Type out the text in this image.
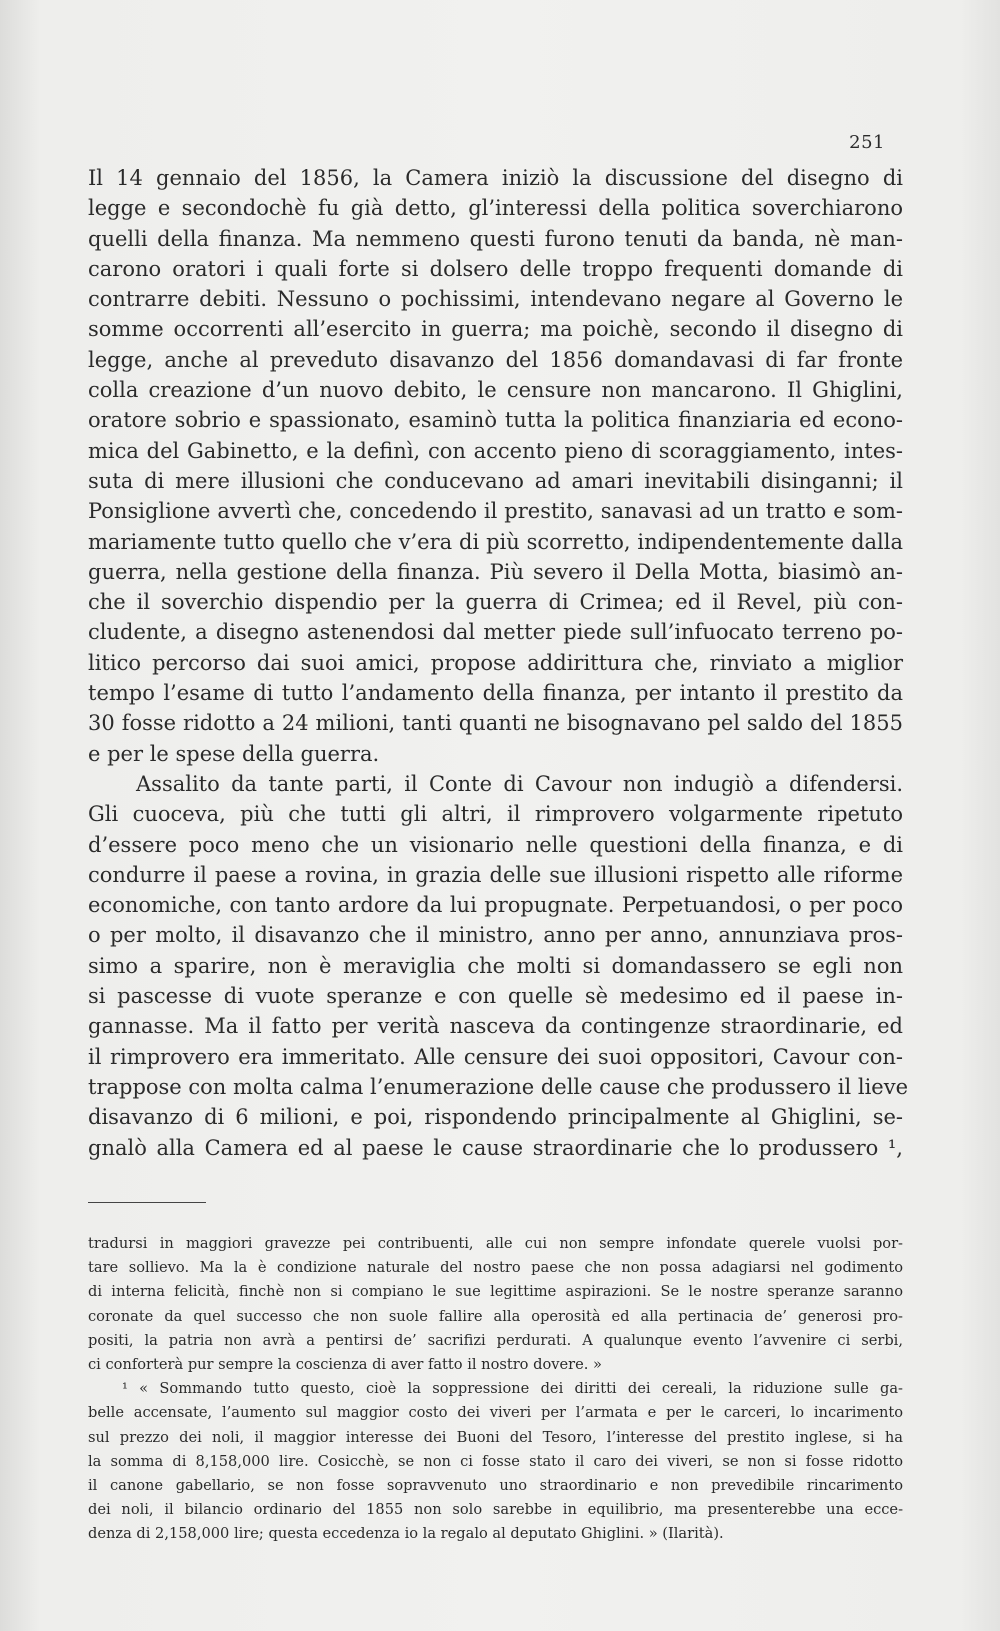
251
Il 14 gennaio del 1856, la Camera iniziò la discussione del disegno di
legge e secondochè fu già detto, gl’interessi della politica soverchiarono
quelli della finanza. Ma nemmeno questi furono tenuti da banda, nè man-
carono oratori i quali forte si dolsero delle troppo frequenti domande di
contrarre debiti. Nessuno o pochissimi, intendevano negare al Governo le
somme occorrenti all’esercito in guerra; ma poichè, secondo il disegno di
legge, anche al preveduto disavanzo del 1856 domandavasi di far fronte
colla creazione d’un nuovo debito, le censure non mancarono. Il Ghiglini,
oratore sobrio e spassionato, esaminò tutta la politica finanziaria ed econo-
mica del Gabinetto, e la definì, con accento pieno di scoraggiamento, intes-
suta di mere illusioni che conducevano ad amari inevitabili disinganni; il
Ponsiglione avvertì che, concedendo il prestito, sanavasi ad un tratto e som-
mariamente tutto quello che v’era di più scorretto, indipendentemente dalla
guerra, nella gestione della finanza. Più severo il Della Motta, biasimò an-
che il soverchio dispendio per la guerra di Crimea; ed il Revel, più con-
cludente, a disegno astenendosi dal metter piede sull’infuocato terreno po-
litico percorso dai suoi amici, propose addirittura che, rinviato a miglior
tempo l’esame di tutto l’andamento della finanza, per intanto il prestito da
30 fosse ridotto a 24 milioni, tanti quanti ne bisognavano pel saldo del 1855
e per le spese della guerra.
Assalito da tante parti, il Conte di Cavour non indugiò a difendersi.
Gli cuoceva, più che tutti gli altri, il rimprovero volgarmente ripetuto
d’essere poco meno che un visionario nelle questioni della finanza, e di
condurre il paese a rovina, in grazia delle sue illusioni rispetto alle riforme
economiche, con tanto ardore da lui propugnate. Perpetuandosi, o per poco
o per molto, il disavanzo che il ministro, anno per anno, annunziava pros-
simo a sparire, non è meraviglia che molti si domandassero se egli non
si pascesse di vuote speranze e con quelle sè medesimo ed il paese in-
gannasse. Ma il fatto per verità nasceva da contingenze straordinarie, ed
il rimprovero era immeritato. Alle censure dei suoi oppositori, Cavour con-
trappose con molta calma l’enumerazione delle cause che produssero il lieve
disavanzo di 6 milioni, e poi, rispondendo principalmente al Ghiglini, se-
gnalò alla Camera ed al paese le cause straordinarie che lo produssero ¹,
tradursi in maggiori gravezze pei contribuenti, alle cui non sempre infondate querele vuolsi por-
tare sollievo. Ma la è condizione naturale del nostro paese che non possa adagiarsi nel godimento
di interna felicità, finchè non si compiano le sue legittime aspirazioni. Se le nostre speranze saranno
coronate da quel successo che non suole fallire alla operosità ed alla pertinacia de’ generosi pro-
positi, la patria non avrà a pentirsi de’ sacrifizi perdurati. A qualunque evento l’avvenire ci serbi,
ci conforterà pur sempre la coscienza di aver fatto il nostro dovere. »
¹ « Sommando tutto questo, cioè la soppressione dei diritti dei cereali, la riduzione sulle ga-
belle accensate, l’aumento sul maggior costo dei viveri per l’armata e per le carceri, lo incarimento
sul prezzo dei noli, il maggior interesse dei Buoni del Tesoro, l’interesse del prestito inglese, si ha
la somma di 8,158,000 lire. Cosicchè, se non ci fosse stato il caro dei viveri, se non si fosse ridotto
il canone gabellario, se non fosse sopravvenuto uno straordinario e non prevedibile rincarimento
dei noli, il bilancio ordinario del 1855 non solo sarebbe in equilibrio, ma presenterebbe una ecce-
denza di 2,158,000 lire; questa eccedenza io la regalo al deputato Ghiglini. » (Ilarità).
